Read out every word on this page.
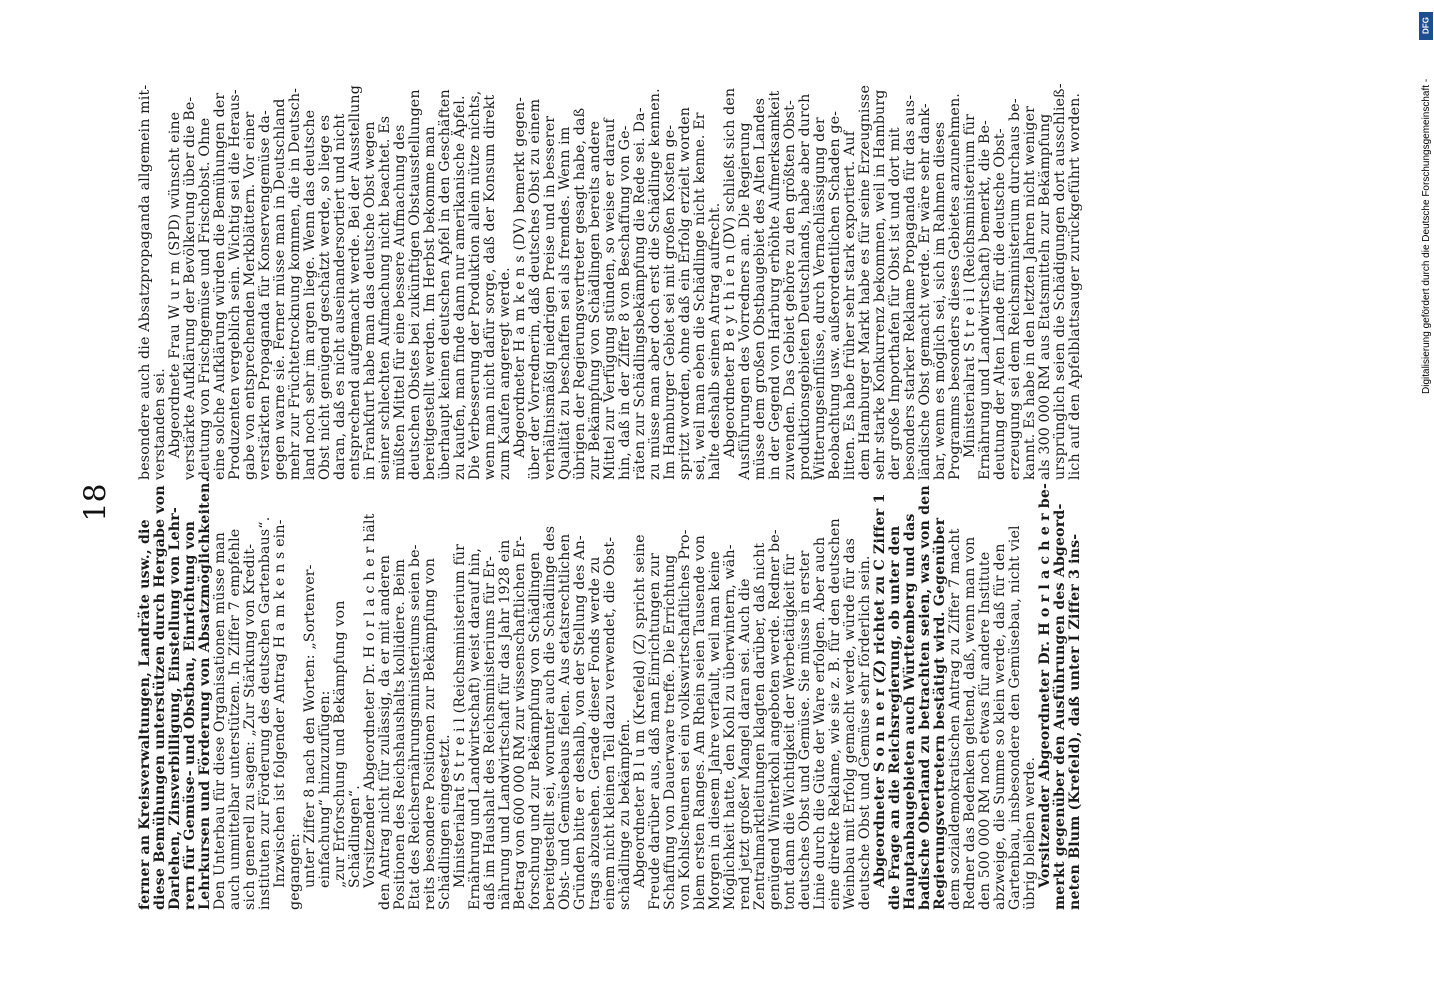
18
ferner an Kreisverwaltungen, Landräte usw., die diese Bemühungen unterstützen durch Hergabe von Darlehen, Zinsverbilligung, Einstellung von Lehr- rern für Gemüse- und Obstbau, Einrichtung von Lehrkursen und Förderung von Absatzmöglichkeiten. Den Unterbau für diese Organisationen müsse man auch unmittelbar unterstützen. In Ziffer 7 empfehle sich generell zu sagen: „Zur Stärkung von Kredit- instituten zur Förderung des deutschen Gartenbaus“. Inzwischen ist folgender Antrag H a m k e n s ein- gegangen: unter Ziffer 8 nach den Worten: „Sortenver- einfachung“ hinzuzufügen: „zur Erforschung und Bekämpfung von Schädlingen“. Vorsitzender Abgeordneter Dr. H o r l a c h e r hält den Antrag nicht für zulässig, da er mit anderen Positionen des Reichshaushalts kollidiere. Beim Etat des Reichsernährungsministeriums seien be- reits besondere Positionen zur Bekämpfung von Schädlingen eingesetzt. Ministerialrat S t r e i l (Reichsministerium für Ernährung und Landwirtschaft) weist darauf hin, daß im Haushalt des Reichsministeriums für Er- nährung und Landwirtschaft für das Jahr 1928 ein Betrag von 600 000 RM zur wissenschaftlichen Er- forschung und zur Bekämpfung von Schädlingen bereitgestellt sei, worunter auch die Schädlinge des Obst- und Gemüsebaus fielen. Aus etatsrechtlichen Gründen bitte er deshalb, von der Stellung des An- trags abzusehen. Gerade dieser Fonds werde zu einem nicht kleinen Teil dazu verwendet, die Obst- schädlinge zu bekämpfen. Abgeordneter B l u m (Krefeld) (Z) spricht seine Freude darüber aus, daß man Einrichtungen zur Schaffung von Dauerware treffe. Die Errichtung von Kohlscheunen sei ein volkswirtschaftliches Pro- blem ersten Ranges. Am Rhein seien Tausende von Morgen in diesem Jahre verfault, weil man keine Möglichkeit hatte, den Kohl zu überwintern, wäh- rend jetzt großer Mangel daran sei. Auch die Zentralmarktleitungen klagten darüber, daß nicht genügend Winterkohl angeboten werde. Redner be- tont dann die Wichtigkeit der Werbetätigkeit für deutsches Obst und Gemüse. Sie müsse in erster Linie durch die Güte der Ware erfolgen. Aber auch eine direkte Reklame, wie sie z. B. für den deutschen Weinbau mit Erfolg gemacht werde, würde für das deutsche Obst und Gemüse sehr förderlich sein. Abgeordneter S o n n e r (Z) richtet zu C Ziffer 1 die Frage an die Reichsregierung, ob unter den Hauptanbaugebieten auch Württemberg und das badische Oberland zu betrachten seien, was von den Regierungsvertretern bestätigt wird. Gegenüber dem sozialdemokratischen Antrag zu Ziffer 7 macht Redner das Bedenken geltend, daß, wenn man von den 500 000 RM noch etwas für andere Institute abzweige, die Summe so klein werde, daß für den Gartenbau, insbesondere den Gemüsebau, nicht viel übrig bleiben werde. Vorsitzender Abgeordneter Dr. H o r l a c h e r be- merkt gegenüber den Ausführungen des Abgeord- neten Blum (Krefeld), daß unter I Ziffer 3 ins-
besondere auch die Absatzpropaganda allgemein mit- verstanden sei. Abgeordnete Frau W u r m (SPD) wünscht eine verstärkte Aufklärung der Bevölkerung über die Be- deutung von Frischgemüse und Frischobst. Ohne eine solche Aufklärung würden die Bemühungen der Produzenten vergeblich sein. Wichtig sei die Heraus- gabe von entsprechenden Merkblättern. Vor einer verstärkten Propaganda für Konservengemüse da- gegen warne sie. Ferner müsse man in Deutschland mehr zur Früchtetrocknung kommen, die in Deutsch- land noch sehr im argen liege. Wenn das deutsche Obst nicht genügend geschätzt werde, so liege es daran, daß es nicht auseinandersortiert und nicht entsprechend aufgemacht werde. Bei der Ausstellung in Frankfurt habe man das deutsche Obst wegen seiner schlechten Aufmachung nicht beachtet. Es müßten Mittel für eine bessere Aufmachung des deutschen Obstes bei zukünftigen Obstausstellungen bereitgestellt werden. Im Herbst bekomme man überhaupt keinen deutschen Apfel in den Geschäften zu kaufen, man finde dann nur amerikanische Äpfel. Die Verbesserung der Produktion allein nütze nichts, wenn man nicht dafür sorge, daß der Konsum direkt zum Kaufen angeregt werde. Abgeordneter H a m k e n s (DV) bemerkt gegen- über der Vorrednerin, daß deutsches Obst zu einem verhältnismäßig niedrigen Preise und in besserer Qualität zu beschaffen sei als fremdes. Wenn im übrigen der Regierungsvertreter gesagt habe, daß zur Bekämpfung von Schädlingen bereits andere Mittel zur Verfügung stünden, so weise er darauf hin, daß in der Ziffer 8 von Beschaffung von Ge- räten zur Schädlingsbekämpfung die Rede sei. Da- zu müsse man aber doch erst die Schädlinge kennen. Im Hamburger Gebiet sei mit großen Kosten ge- spritzt worden, ohne daß ein Erfolg erzielt worden sei, weil man eben die Schädlinge nicht kenne. Er halte deshalb seinen Antrag aufrecht. Abgeordneter B e y t h i e n (DV) schließt sich den Ausführungen des Vorredners an. Die Regierung müsse dem großen Obstbaugebiet des Alten Landes in der Gegend von Harburg erhöhte Aufmerksamkeit zuwenden. Das Gebiet gehöre zu den größten Obst- produktionsgebieten Deutschlands, habe aber durch Witterungseinflüsse, durch Vernachlässigung der Beobachtung usw. außerordentlichen Schaden ge- litten. Es habe früher sehr stark exportiert. Auf dem Hamburger Markt habe es für seine Erzeugnisse sehr starke Konkurrenz bekommen, weil in Hamburg der große Importhafen für Obst ist und dort mit besonders starker Reklame Propaganda für das aus- ländische Obst gemacht werde. Er wäre sehr dank- bar, wenn es möglich sei, sich im Rahmen dieses Programms besonders dieses Gebietes anzunehmen. Ministerialrat S t r e i l (Reichsministerium für Ernährung und Landwirtschaft) bemerkt, die Be- deutung der Alten Lande für die deutsche Obst- erzeugung sei dem Reichsministerium durchaus be- kannt. Es habe in den letzten Jahren nicht weniger als 300 000 RM aus Etatsmitteln zur Bekämpfung ursprünglich seien die Schädigungen dort ausschließ- lich auf den Apfelblattsauger zurückgeführt worden.	Digitalisierung gefördert durch die Deutsche Forschungsgemeinschaft -
DFG
